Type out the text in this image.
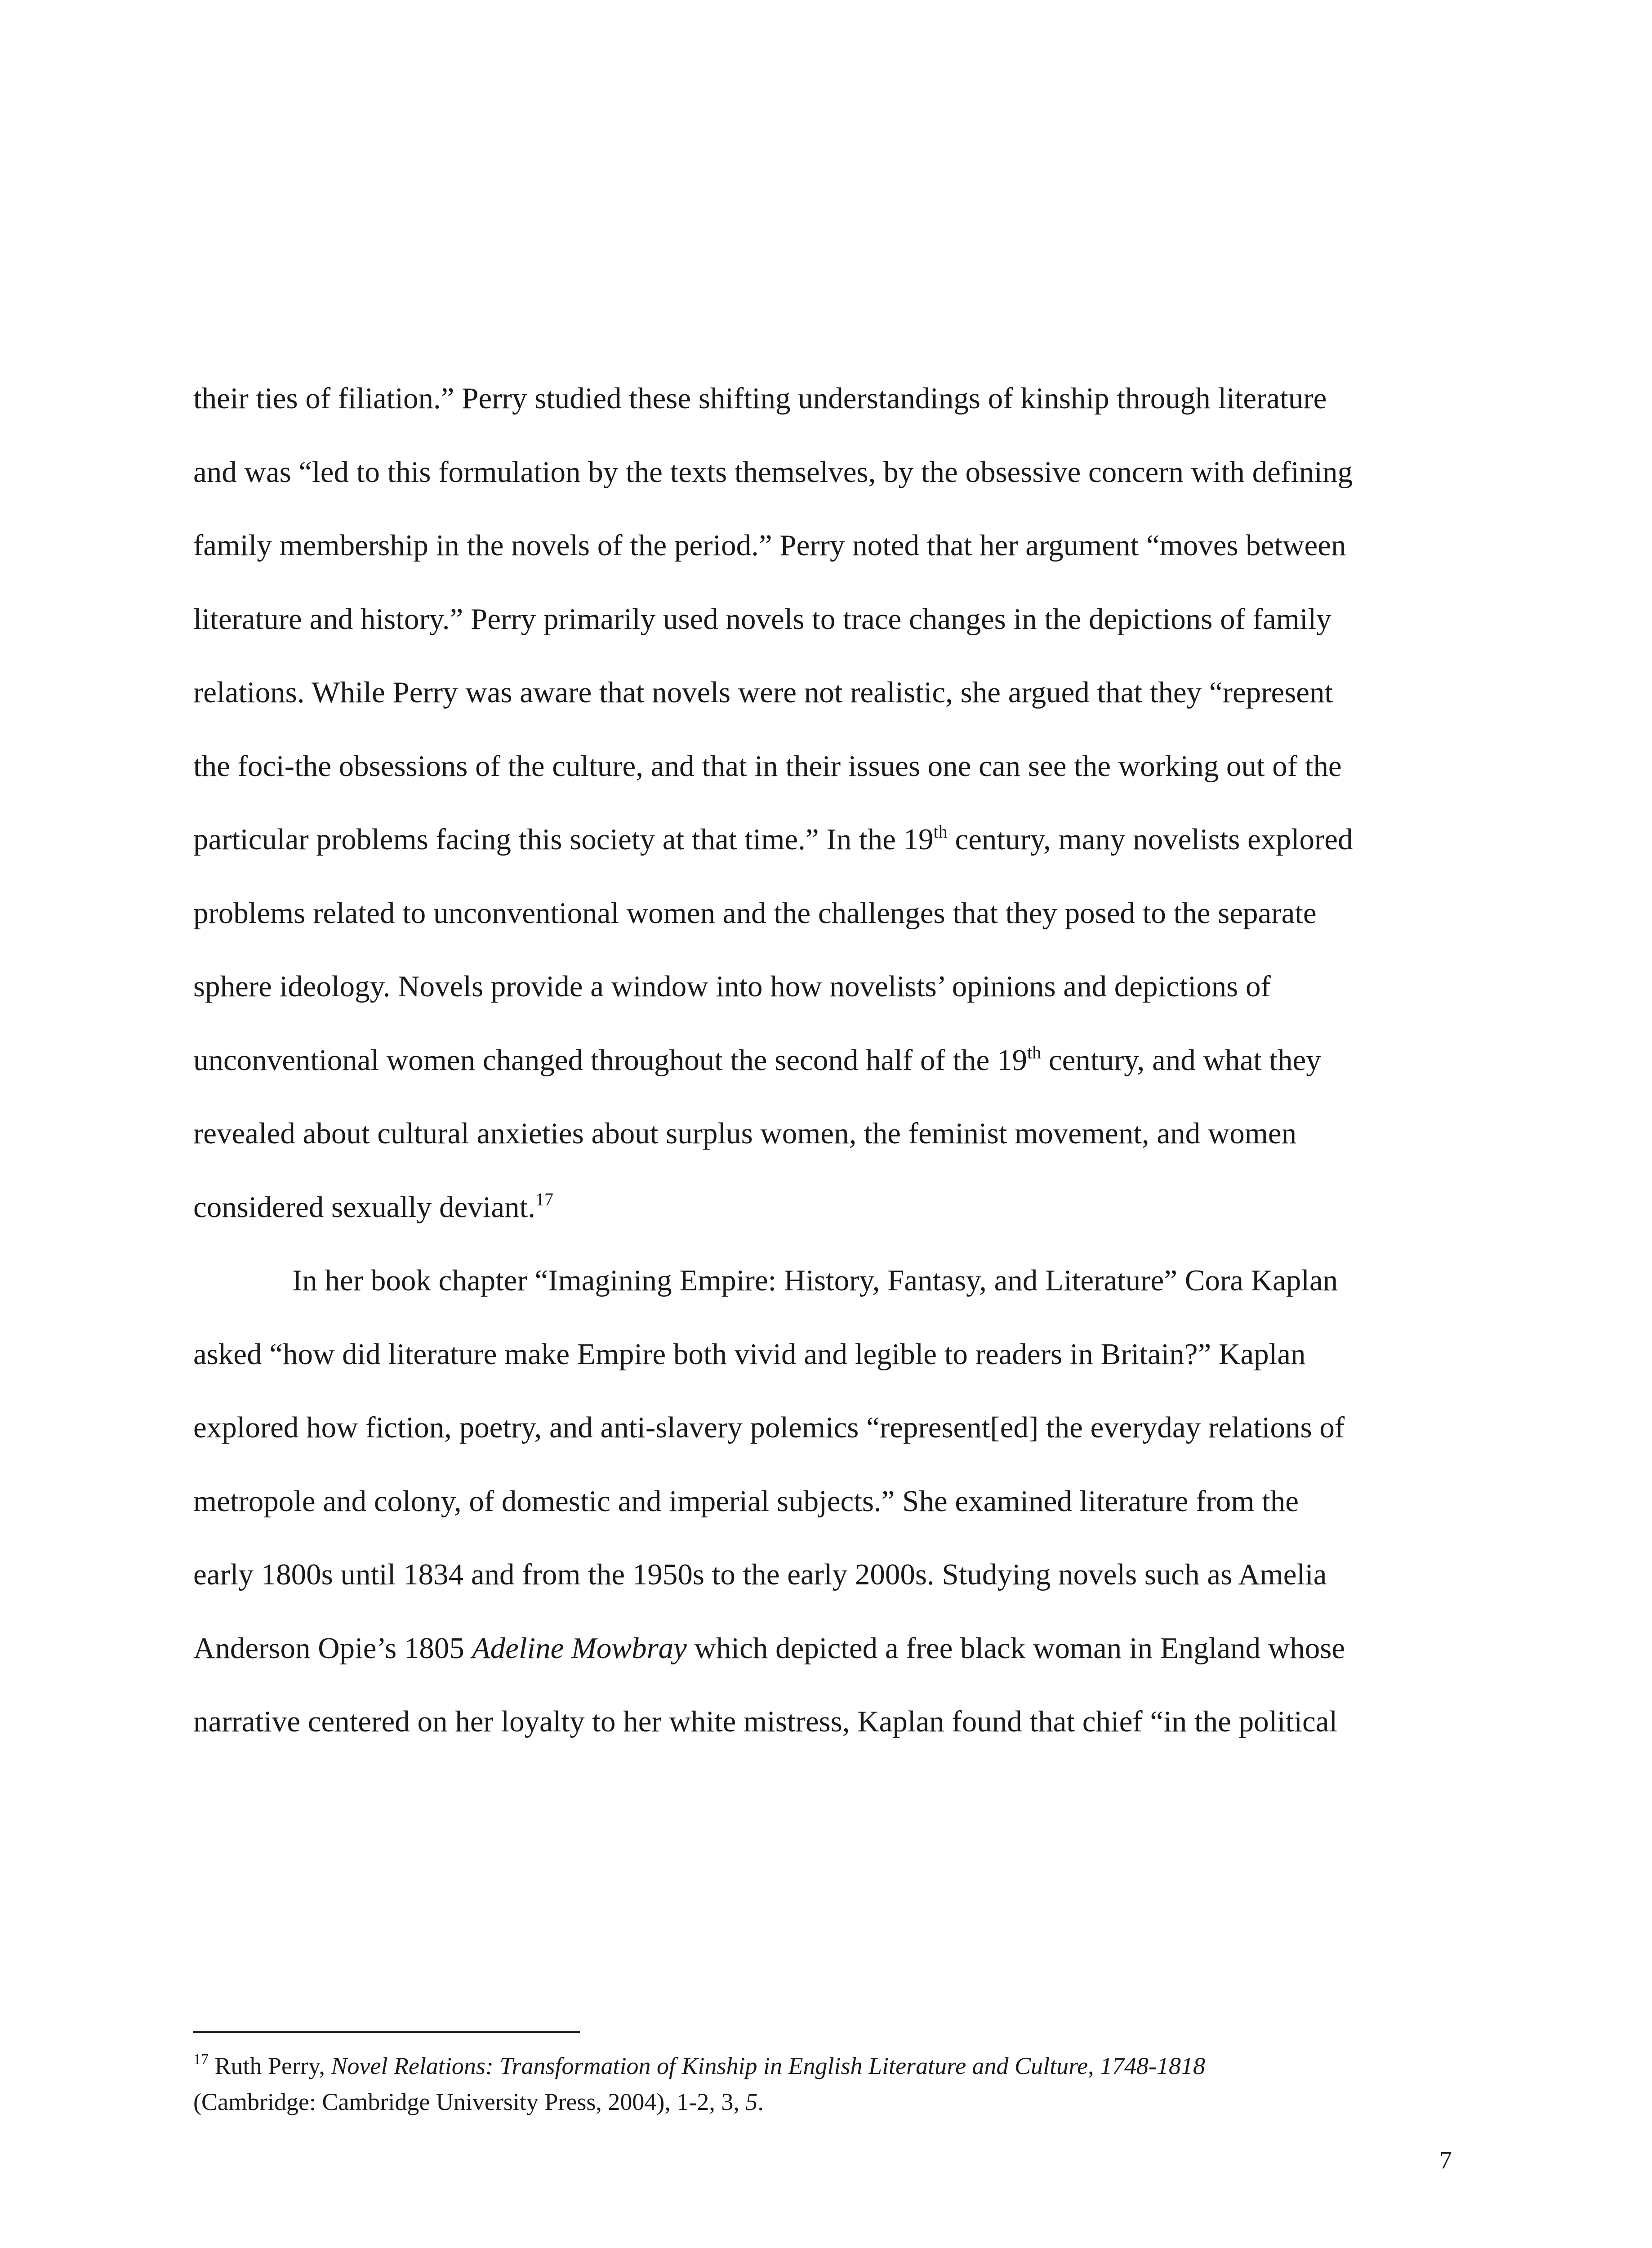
their ties of filiation.” Perry studied these shifting understandings of kinship through literature
and was “led to this formulation by the texts themselves, by the obsessive concern with defining
family membership in the novels of the period.” Perry noted that her argument “moves between
literature and history.” Perry primarily used novels to trace changes in the depictions of family
relations. While Perry was aware that novels were not realistic, she argued that they “represent
the foci-the obsessions of the culture, and that in their issues one can see the working out of the
particular problems facing this society at that time.” In the 19th century, many novelists explored
problems related to unconventional women and the challenges that they posed to the separate
sphere ideology. Novels provide a window into how novelists’ opinions and depictions of
unconventional women changed throughout the second half of the 19th century, and what they
revealed about cultural anxieties about surplus women, the feminist movement, and women
considered sexually deviant.$^{17}$
In her book chapter “Imagining Empire: History, Fantasy, and Literature” Cora Kaplan
asked “how did literature make Empire both vivid and legible to readers in Britain?” Kaplan
explored how fiction, poetry, and anti-slavery polemics “represent[ed] the everyday relations of
metropole and colony, of domestic and imperial subjects.” She examined literature from the
early 1800s until 1834 and from the 1950s to the early 2000s. Studying novels such as Amelia
Anderson Opie’s 1805 Adeline Mowbray which depicted a free black woman in England whose
narrative centered on her loyalty to her white mistress, Kaplan found that chief “in the political
$^{17}$ Ruth Perry, Novel Relations: Transformation of Kinship in English Literature and Culture, 1748-1818
(Cambridge: Cambridge University Press, 2004), 1-2, 3, 5.
7
